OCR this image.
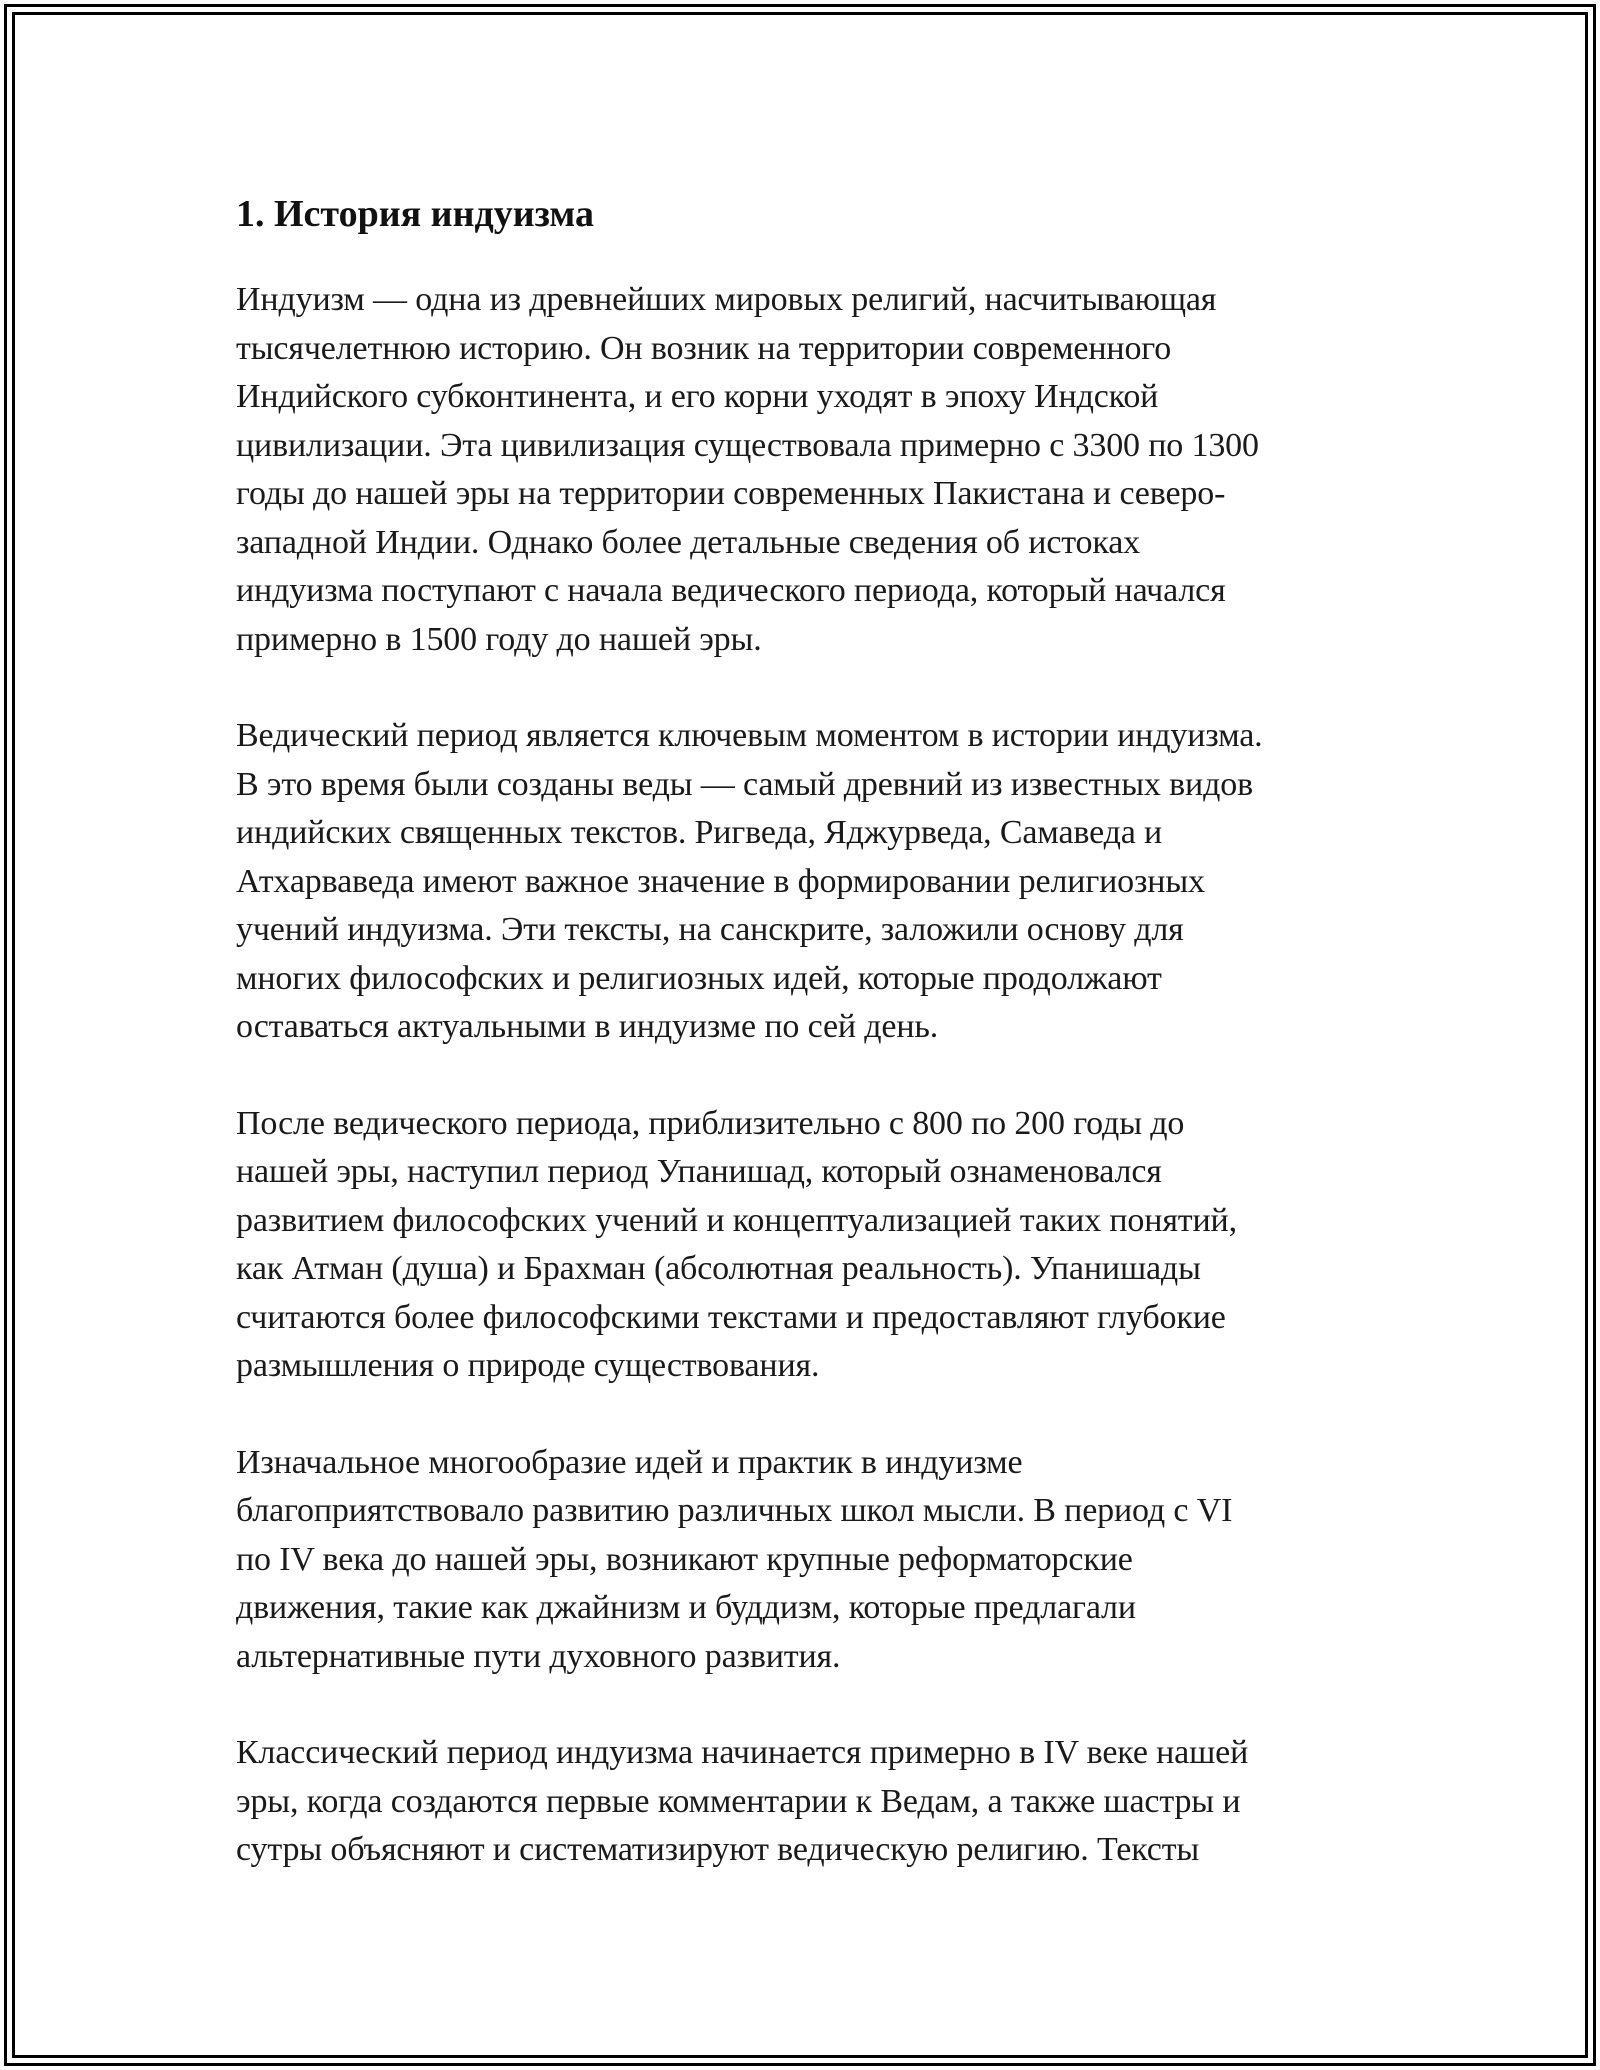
1. История индуизма

Индуизм — одна из древнейших мировых религий, насчитывающая
тысячелетнюю историю. Он возник на территории современного
Индийского субконтинента, и его корни уходят в эпоху Индской
цивилизации. Эта цивилизация существовала примерно с 3300 по 1300
годы до нашей эры на территории современных Пакистана и северо-
западной Индии. Однако более детальные сведения об истоках
индуизма поступают с начала ведического периода, который начался
примерно в 1500 году до нашей эры.

Ведический период является ключевым моментом в истории индуизма.
В это время были созданы веды — самый древний из известных видов
индийских священных текстов. Ригведа, Яджурведа, Самаведа и
Атхарваведа имеют важное значение в формировании религиозных
учений индуизма. Эти тексты, на санскрите, заложили основу для
многих философских и религиозных идей, которые продолжают
оставаться актуальными в индуизме по сей день.

После ведического периода, приблизительно с 800 по 200 годы до
нашей эры, наступил период Упанишад, который ознаменовался
развитием философских учений и концептуализацией таких понятий,
как Атман (душа) и Брахман (абсолютная реальность). Упанишады
считаются более философскими текстами и предоставляют глубокие
размышления о природе существования.

Изначальное многообразие идей и практик в индуизме
благоприятствовало развитию различных школ мысли. В период с VI
по IV века до нашей эры, возникают крупные реформаторские
движения, такие как джайнизм и буддизм, которые предлагали
альтернативные пути духовного развития.

Классический период индуизма начинается примерно в IV веке нашей
эры, когда создаются первые комментарии к Ведам, а также шастры и
сутры объясняют и систематизируют ведическую религию. Тексты
